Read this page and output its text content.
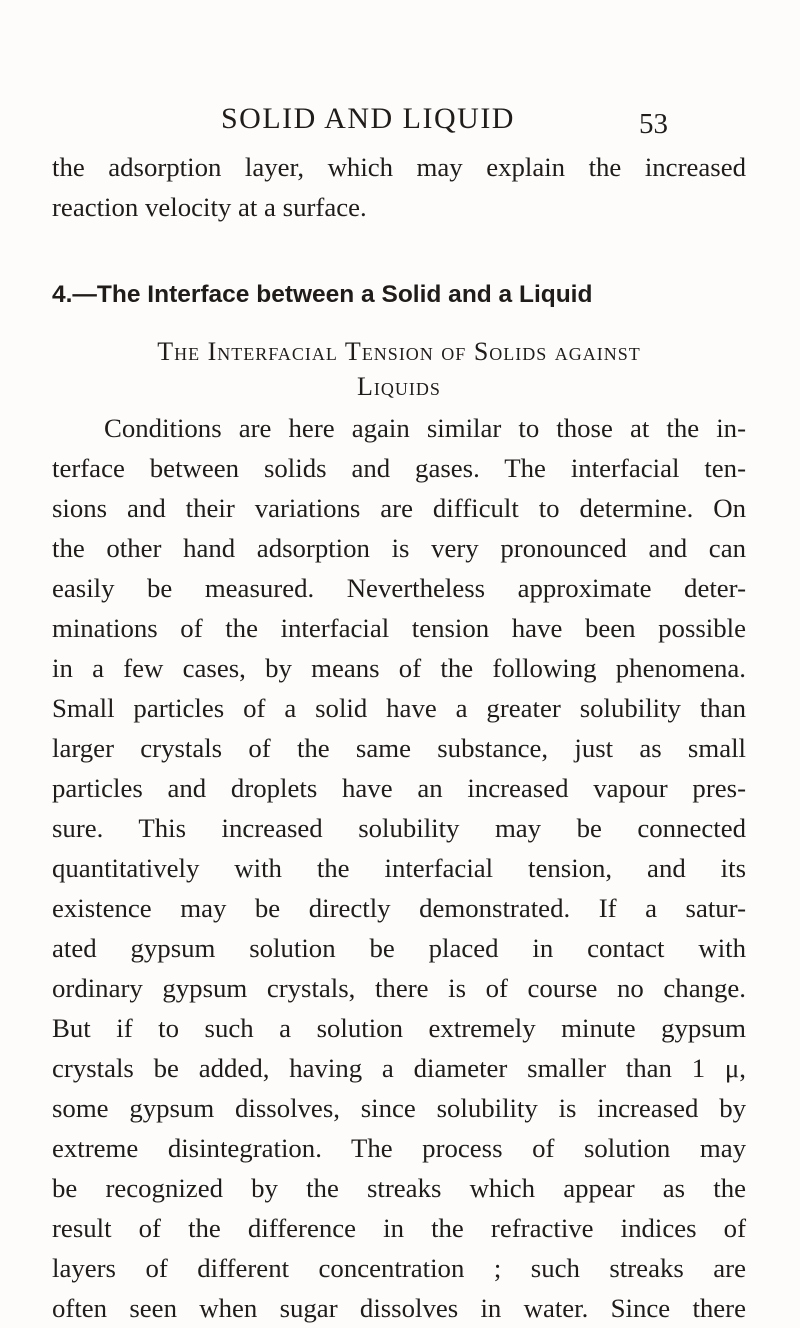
SOLID AND LIQUID	53
the adsorption layer, which may explain the increased
reaction velocity at a surface.
4.—The Interface between a Solid and a Liquid
The Interfacial Tension of Solids against
Liquids
Conditions are here again similar to those at the in-
terface between solids and gases. The interfacial ten-
sions and their variations are difficult to determine. On
the other hand adsorption is very pronounced and can
easily be measured. Nevertheless approximate deter-
minations of the interfacial tension have been possible
in a few cases, by means of the following phenomena.
Small particles of a solid have a greater solubility than
larger crystals of the same substance, just as small
particles and droplets have an increased vapour pres-
sure. This increased solubility may be connected
quantitatively with the interfacial tension, and its
existence may be directly demonstrated. If a satur-
ated gypsum solution be placed in contact with
ordinary gypsum crystals, there is of course no change.
But if to such a solution extremely minute gypsum
crystals be added, having a diameter smaller than 1 μ,
some gypsum dissolves, since solubility is increased by
extreme disintegration. The process of solution may
be recognized by the streaks which appear as the
result of the difference in the refractive indices of
layers of different concentration ; such streaks are
often seen when sugar dissolves in water. Since there
